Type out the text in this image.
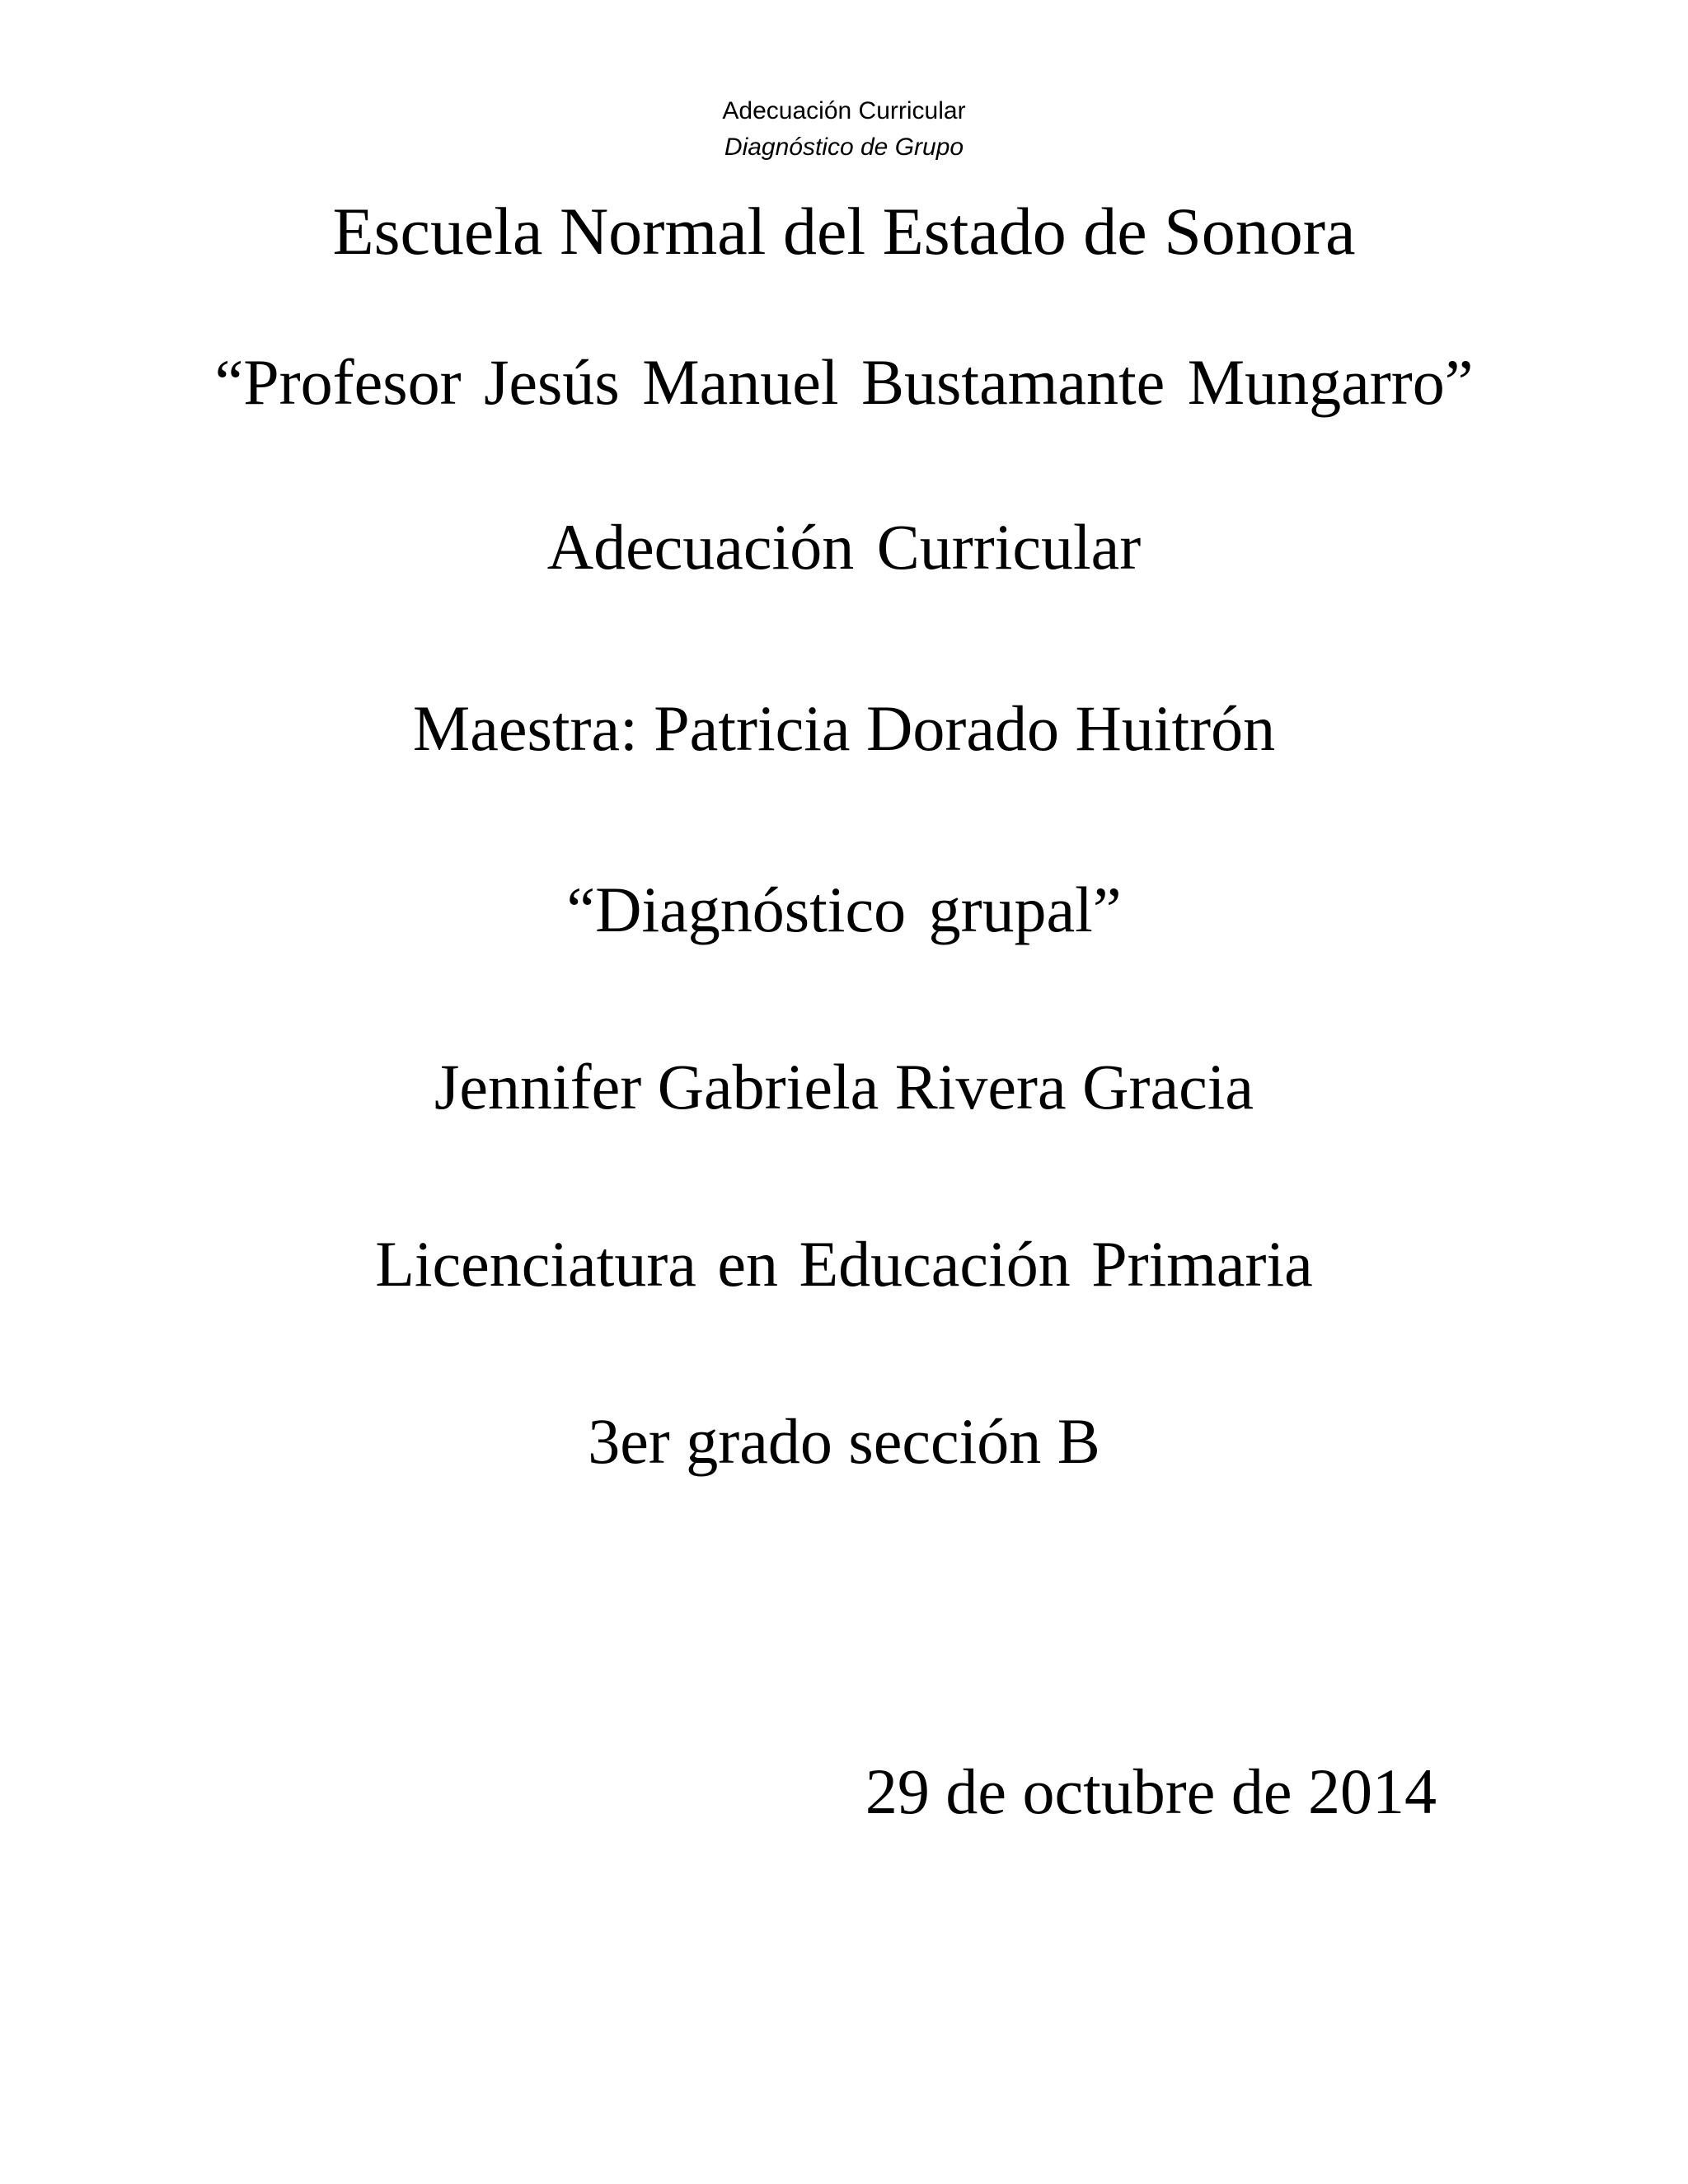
Adecuación Curricular
Diagnóstico de Grupo
Escuela Normal del Estado de Sonora
“Profesor Jesús Manuel Bustamante Mungarro”
Adecuación Curricular
Maestra: Patricia Dorado Huitrón
“Diagnóstico grupal”
Jennifer Gabriela Rivera Gracia
Licenciatura en Educación Primaria
3er grado sección B
29 de octubre de 2014
